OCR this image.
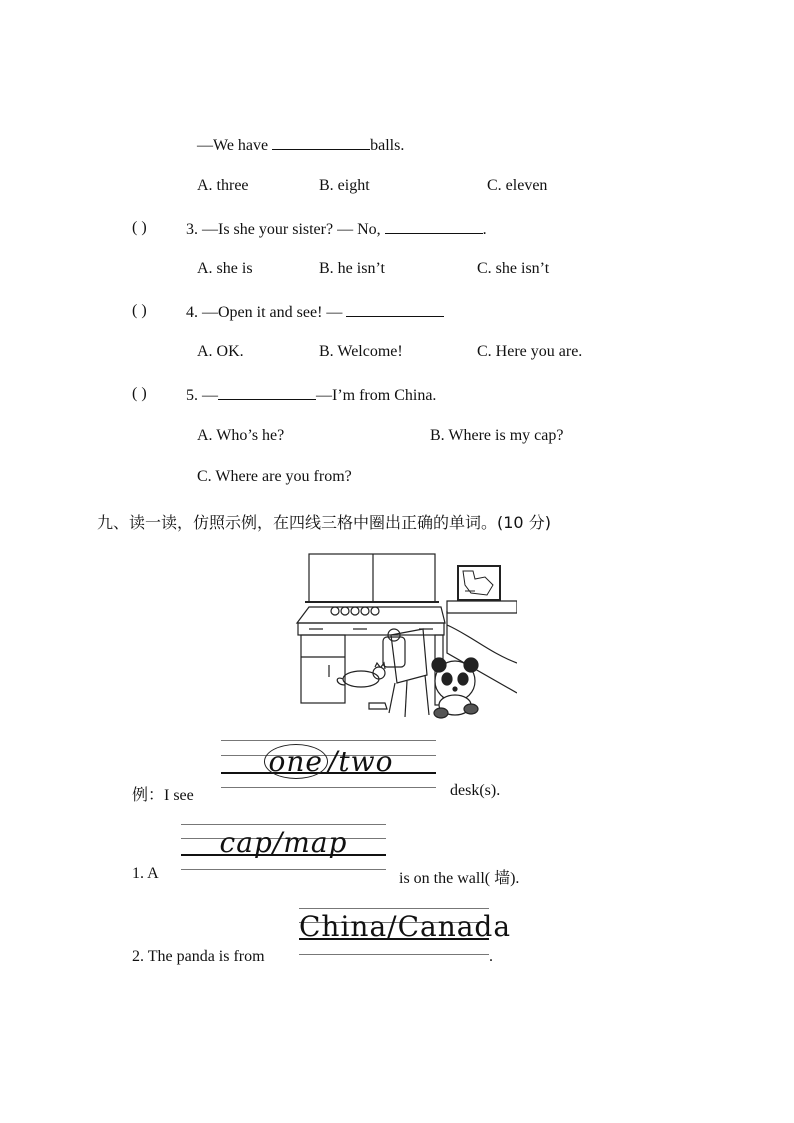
—We have	balls.
A. three	B. eight	C. eleven
( ) 3. —Is she your sister? — No,	.
A. she is	B. he isn’t	C. she isn’t
( ) 4. —Open it and see! —
A. OK.	B. Welcome!	C. Here you are.
( ) 5. —	—I’m from China.
A. Who’s he?	B. Where is my cap?
C. Where are you from?
九、读一读，仿照示例，在四线三格中圈出正确的单词。(10 分)
例：I see
one /two
desk(s).
1. A
cap/map
is on the wall( 墙).
2. The panda is from
China/Canada
.
